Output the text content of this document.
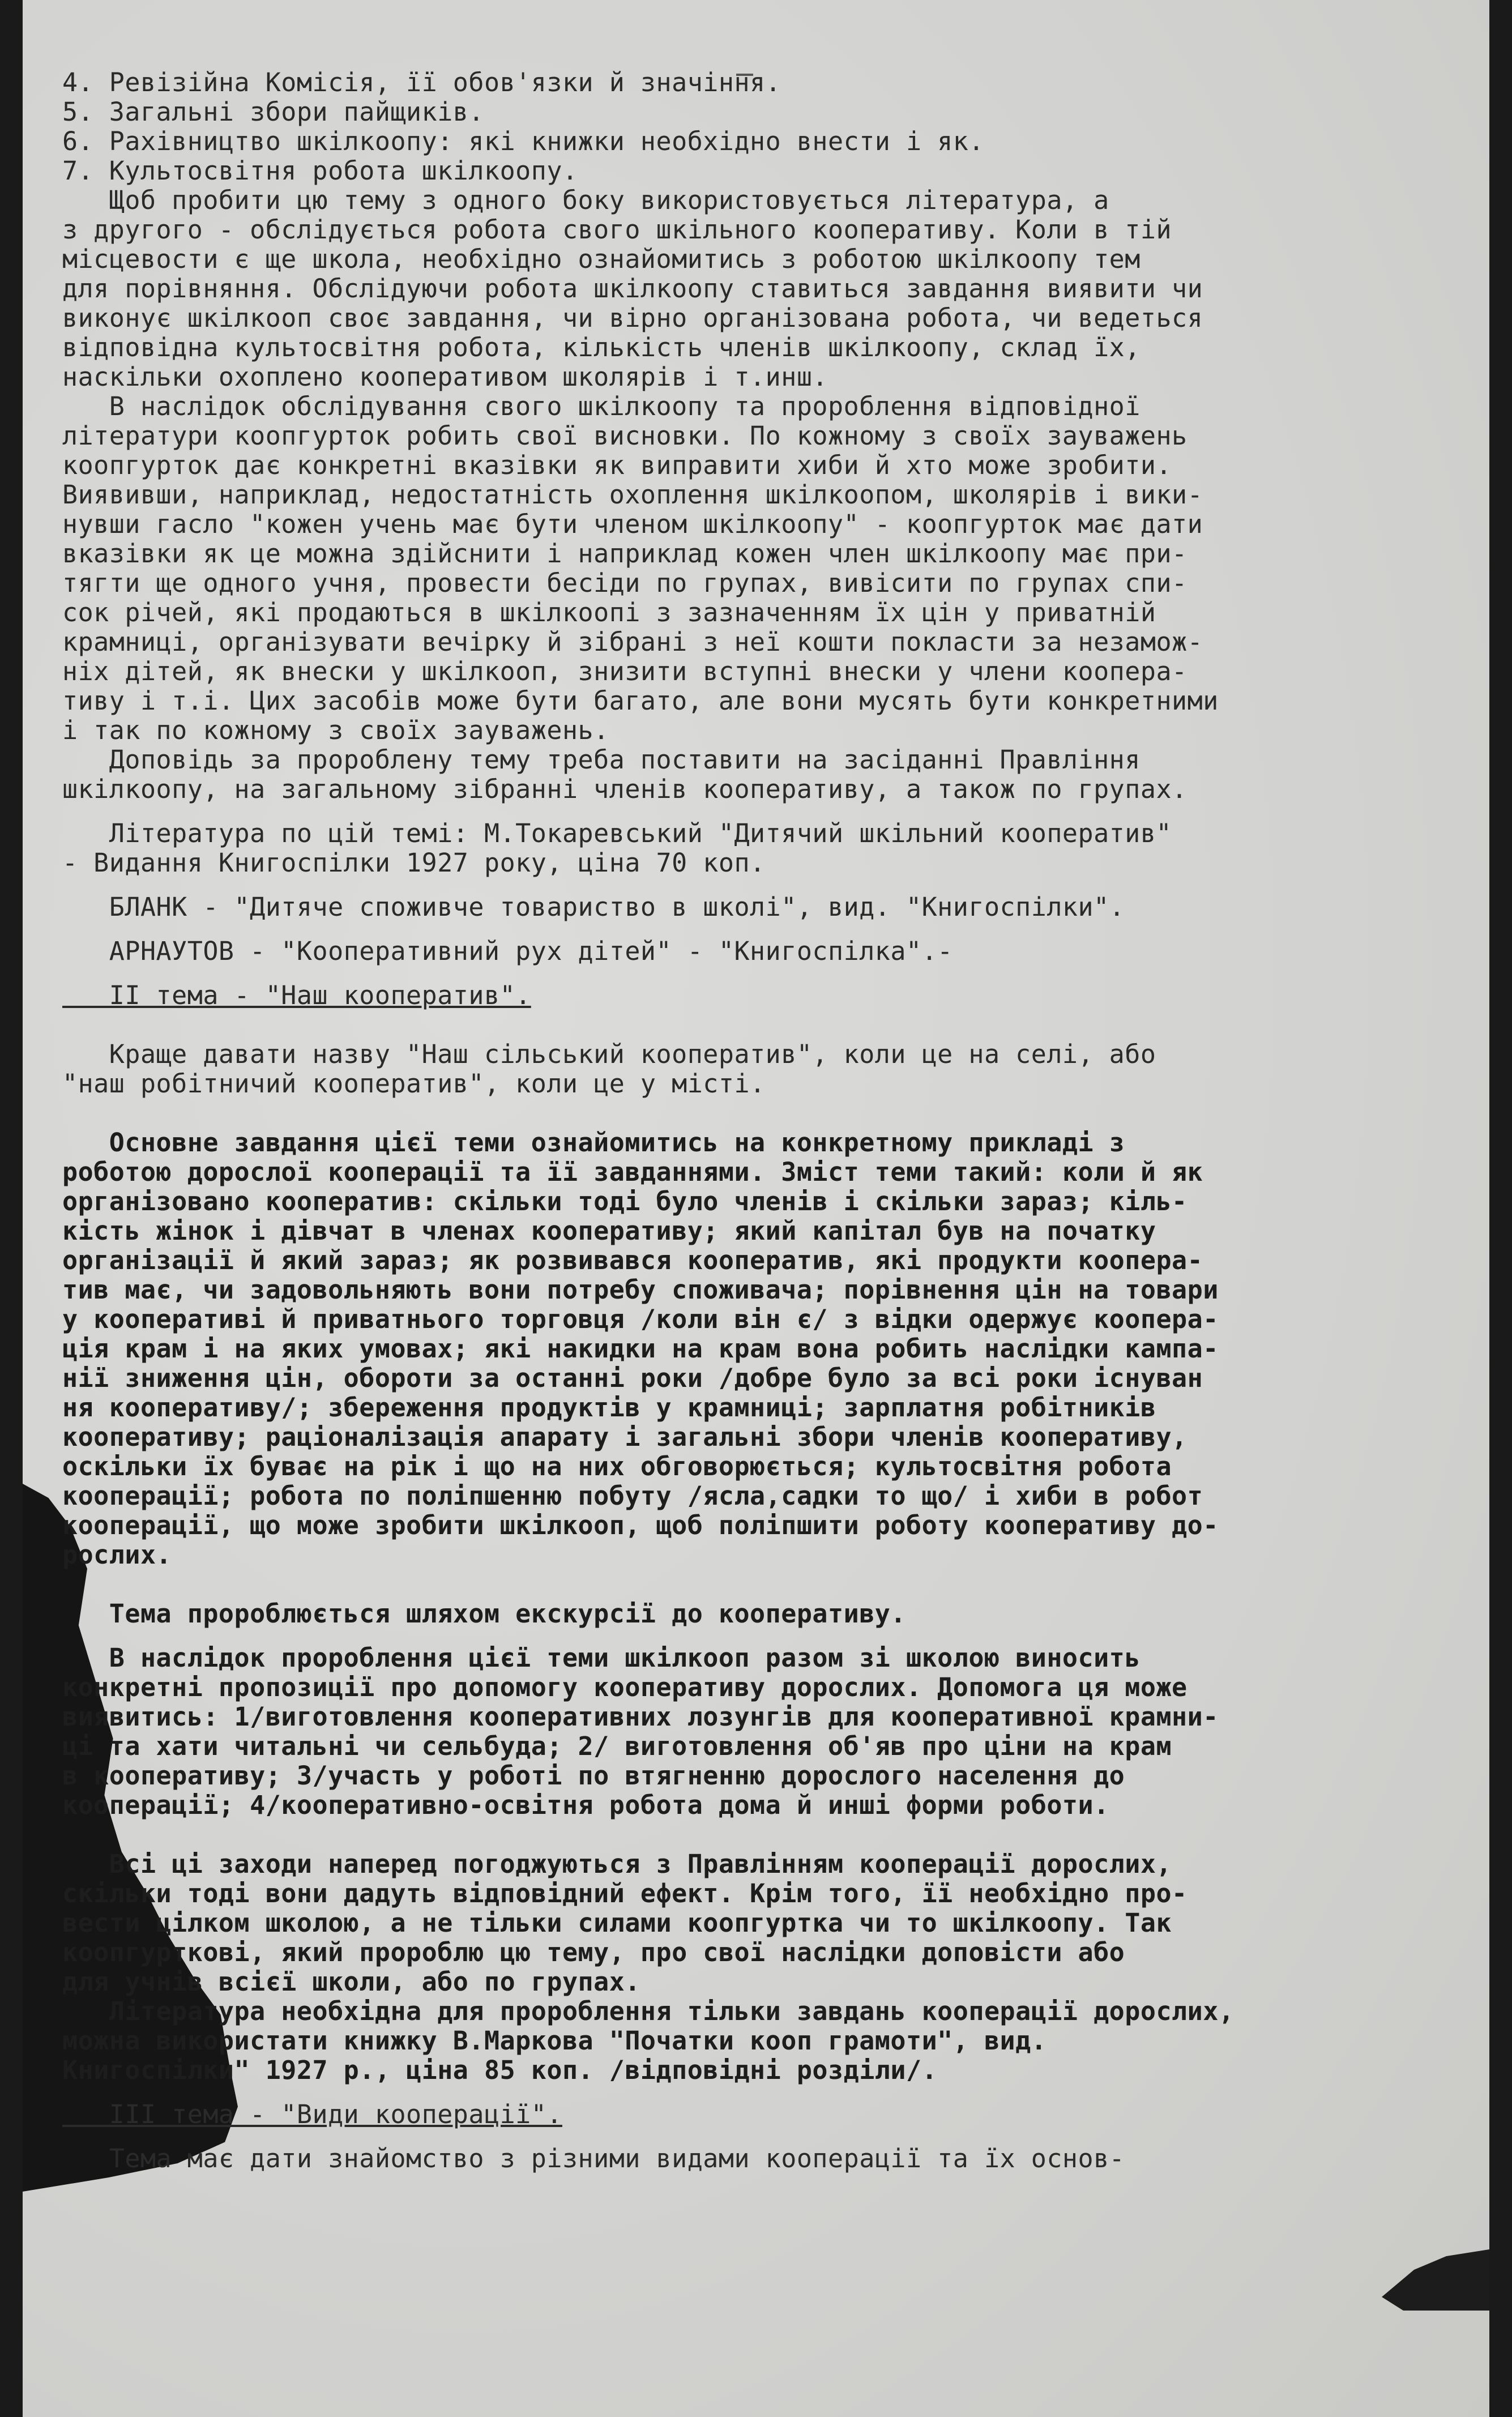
4. Ревізійна Комісія, її обов'язки й значіння.

5. Загальні збори пайщиків.

6. Рахівництво шкілкоопу: які книжки необхідно внести і як.

7. Культосвітня робота шкілкоопу.

Щоб пробити цю тему з одного боку використовується література, а

з другого - обслідується робота свого шкільного кооперативу. Коли в тій

місцевости є ще школа, необхідно ознайомитись з роботою шкілкоопу тем

для порівняння. Обслідуючи робота шкілкоопу ставиться завдання виявити чи

виконує шкілкооп своє завдання, чи вірно організована робота, чи ведеться

відповідна культосвітня робота, кількість членів шкілкоопу, склад їх,

наскільки охоплено кооперативом школярів і т.инш.

В наслідок обслідування свого шкілкоопу та пророблення відповідної

літератури коопгурток робить свої висновки. По кожному з своїх зауважень

коопгурток дає конкретні вказівки як виправити хиби й хто може зробити.

Виявивши, наприклад, недостатність охоплення шкілкоопом, школярів і вики-

нувши гасло "кожен учень має бути членом шкілкоопу" - коопгурток має дати

вказівки як це можна здійснити і наприклад кожен член шкілкоопу має при-

тягти ще одного учня, провести бесіди по групах, вивісити по групах спи-

сок річей, які продаються в шкілкоопі з зазначенням їх цін у приватній

крамниці, організувати вечірку й зібрані з неї кошти покласти за незамож-

ніх дітей, як внески у шкілкооп, знизити вступні внески у члени коопера-

тиву і т.і. Цих засобів може бути багато, але вони мусять бути конкретними

і так по кожному з своїх зауважень.

Доповідь за пророблену тему треба поставити на засіданні Правління

шкілкоопу, на загальному зібранні членів кооперативу, а також по групах.

Література по цій темі: М.Токаревський "Дитячий шкільний кооператив"

- Видання Книгоспілки 1927 року, ціна 70 коп.

БЛАНК - "Дитяче споживче товариство в школі", вид. "Книгоспілки".

АРНАУТОВ - "Кооперативний рух дітей" - "Книгоспілка".-

II тема - "Наш кооператив".

Краще давати назву "Наш сільський кооператив", коли це на селі, або

"наш робітничий кооператив", коли це у місті.

Основне завдання цієї теми ознайомитись на конкретному прикладі з

роботою дорослої кооперації та її завданнями. Зміст теми такий: коли й як

організовано кооператив: скільки тоді було членів і скільки зараз; кіль-

кість жінок і дівчат в членах кооперативу; який капітал був на початку

організації й який зараз; як розвивався кооператив, які продукти коопера-

тив має, чи задовольняють вони потребу споживача; порівнення цін на товари

у кооперативі й приватнього торговця /коли він є/ з відки одержує коопера-

ція крам і на яких умовах; які накидки на крам вона робить наслідки кампа-

нії зниження цін, обороти за останні роки /добре було за всі роки існуван

ня кооперативу/; збереження продуктів у крамниці; зарплатня робітників

кооперативу; раціоналізація апарату і загальні збори членів кооперативу,

оскільки їх буває на рік і що на них обговорюється; культосвітня робота

кооперації; робота по поліпшенню побуту /ясла,садки то що/ і хиби в робот

кооперації, що може зробити шкілкооп, щоб поліпшити роботу кооперативу до-

рослих.

Тема пророблюється шляхом екскурсії до кооперативу.

В наслідок пророблення цієї теми шкілкооп разом зі школою виносить

конкретні пропозиції про допомогу кооперативу дорослих. Допомога ця може

виявитись: 1/виготовлення кооперативних лозунгів для кооперативної крамни-

ці та хати читальні чи сельбуда; 2/ виготовлення об'яв про ціни на крам

в кооперативу; 3/участь у роботі по втягненню дорослого населення до

кооперації; 4/кооперативно-освітня робота дома й инші форми роботи.

Всі ці заходи наперед погоджуються з Правлінням кооперації дорослих,

скільки тоді вони дадуть відповідний ефект. Крім того, її необхідно про-

вести цілком школою, а не тільки силами коопгуртка чи то шкілкоопу. Так

коопгурткові, який пророблю цю тему, про свої наслідки доповісти або

для учнів всієї школи, або по групах.

Література необхідна для пророблення тільки завдань кооперації дорослих,

можна використати книжку В.Маркова "Початки кооп грамоти", вид.

Книгоспілки" 1927 р., ціна 85 коп. /відповідні розділи/.

III тема - "Види кооперації".

Тема має дати знайомство з різними видами кооперації та їх основ-
